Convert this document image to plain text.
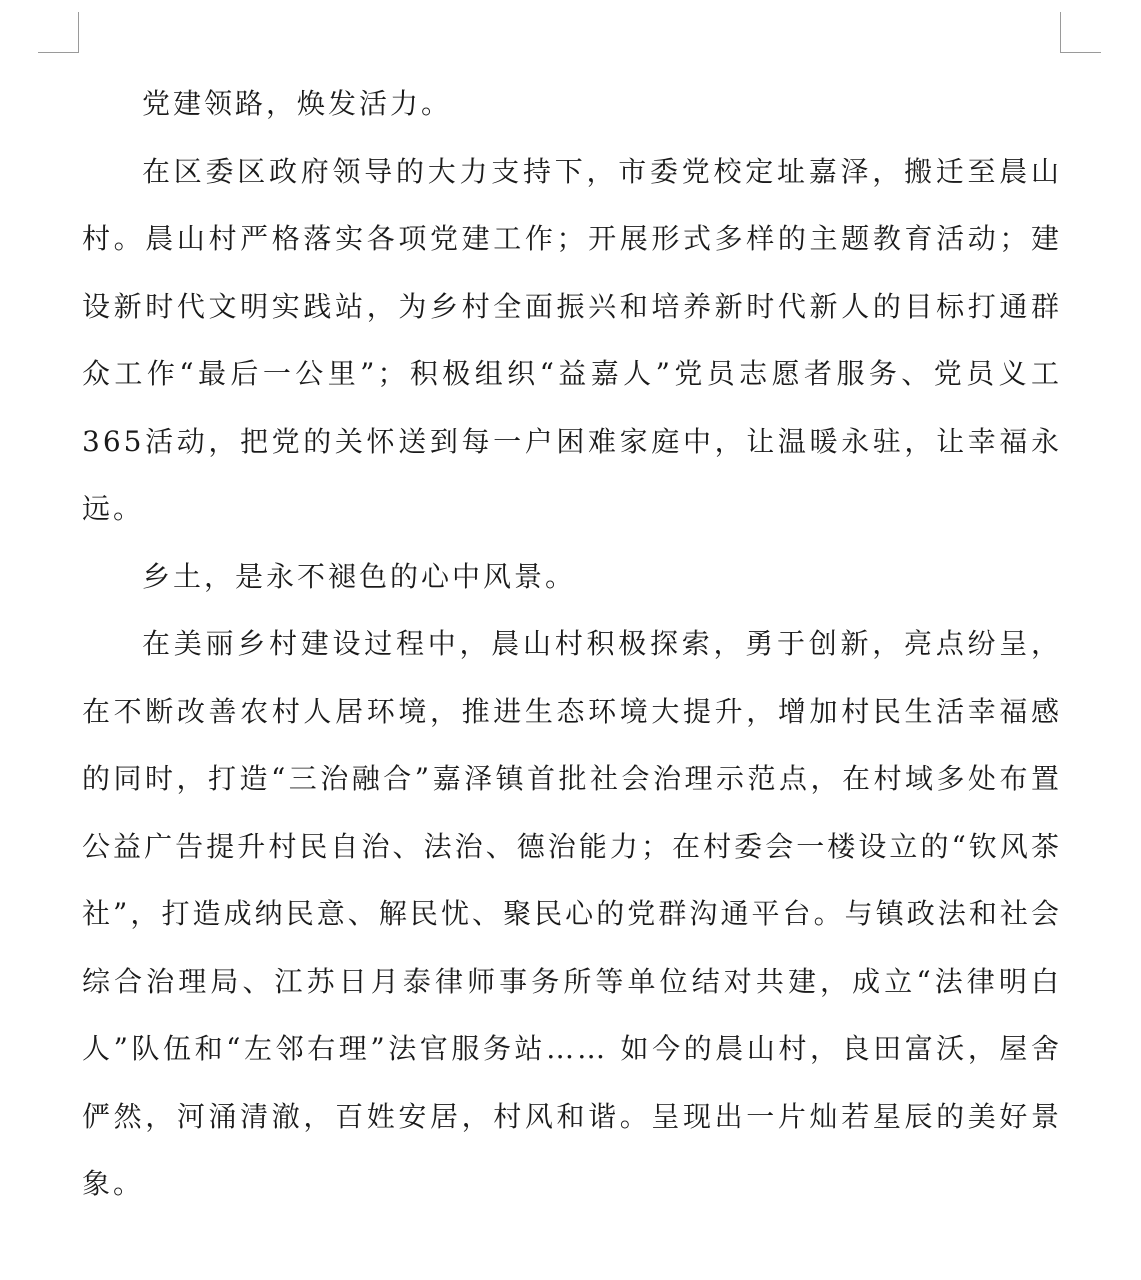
党建领路，焕发活力。

在区委区政府领导的大力支持下，市委党校定址嘉泽，搬迁至晨山村。晨山村严格落实各项党建工作；开展形式多样的主题教育活动；建设新时代文明实践站，为乡村全面振兴和培养新时代新人的目标打通群众工作“最后一公里”；积极组织“益嘉人”党员志愿者服务、党员义工365活动，把党的关怀送到每一户困难家庭中，让温暖永驻，让幸福永远。

乡土，是永不褪色的心中风景。

在美丽乡村建设过程中，晨山村积极探索，勇于创新，亮点纷呈，在不断改善农村人居环境，推进生态环境大提升，增加村民生活幸福感的同时，打造“三治融合”嘉泽镇首批社会治理示范点，在村域多处布置公益广告提升村民自治、法治、德治能力；在村委会一楼设立的“钦风茶社”，打造成纳民意、解民忧、聚民心的党群沟通平台。与镇政法和社会综合治理局、江苏日月泰律师事务所等单位结对共建，成立“法律明白人”队伍和“左邻右理”法官服务站…… 如今的晨山村，良田富沃，屋舍俨然，河涌清澈，百姓安居，村风和谐。呈现出一片灿若星辰的美好景象。
